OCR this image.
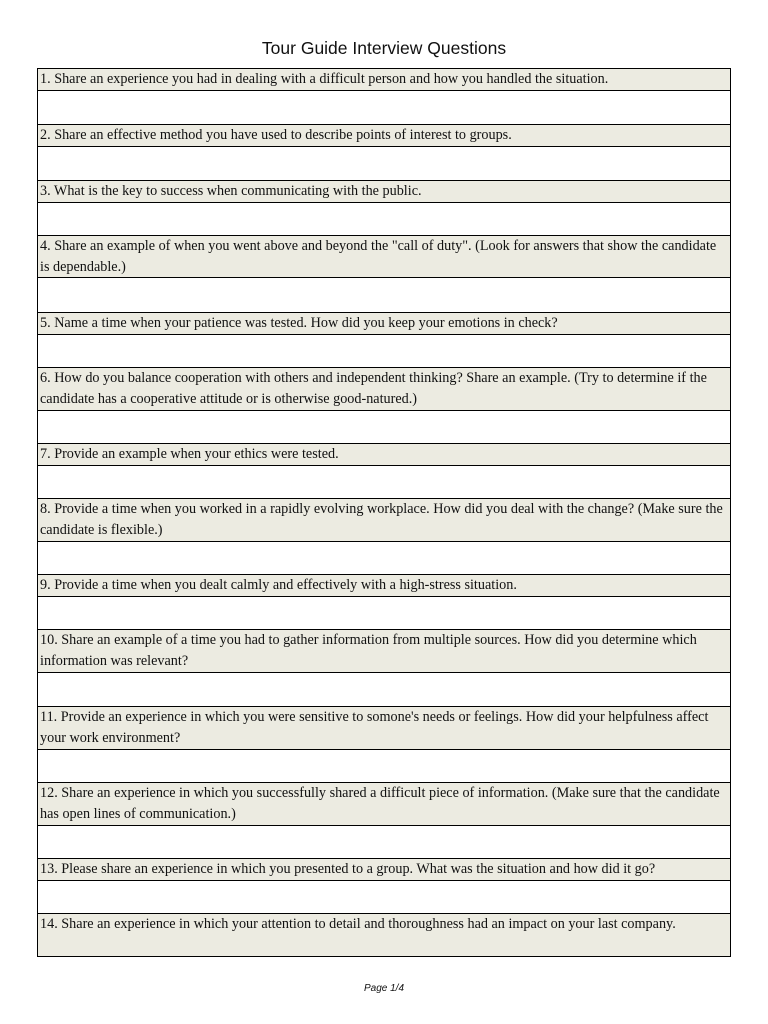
Tour Guide Interview Questions
1. Share an experience you had in dealing with a difficult person and how you handled the situation.
2. Share an effective method you have used to describe points of interest to groups.
3. What is the key to success when communicating with the public.
4. Share an example of when you went above and beyond the "call of duty". (Look for answers that show the candidate is dependable.)
5. Name a time when your patience was tested. How did you keep your emotions in check?
6. How do you balance cooperation with others and independent thinking? Share an example. (Try to determine if the candidate has a cooperative attitude or is otherwise good-natured.)
7. Provide an example when your ethics were tested.
8. Provide a time when you worked in a rapidly evolving workplace. How did you deal with the change? (Make sure the candidate is flexible.)
9. Provide a time when you dealt calmly and effectively with a high-stress situation.
10. Share an example of a time you had to gather information from multiple sources. How did you determine which information was relevant?
11. Provide an experience in which you were sensitive to somone's needs or feelings. How did your helpfulness affect your work environment?
12. Share an experience in which you successfully shared a difficult piece of information. (Make sure that the candidate has open lines of communication.)
13. Please share an experience in which you presented to a group. What was the situation and how did it go?
14. Share an experience in which your attention to detail and thoroughness had an impact on your last company.
Page 1/4
